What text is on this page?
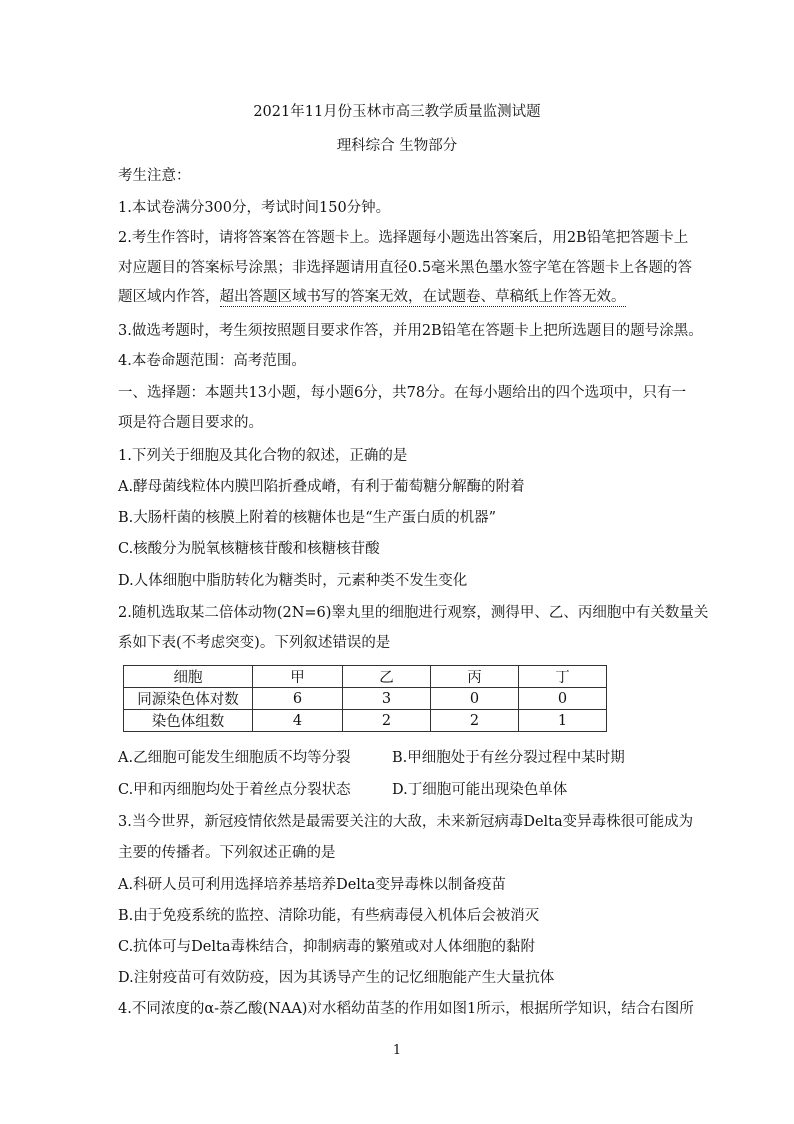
2021年11月份玉林市高三教学质量监测试题
理科综合 生物部分
考生注意：
1.本试卷满分300分，考试时间150分钟。
2.考生作答时，请将答案答在答题卡上。选择题每小题选出答案后，用2B铅笔把答题卡上
对应题目的答案标号涂黑；非选择题请用直径0.5毫米黑色墨水签字笔在答题卡上各题的答
题区域内作答，超出答题区域书写的答案无效，在试题卷、草稿纸上作答无效。
3.做选考题时，考生须按照题目要求作答，并用2B铅笔在答题卡上把所选题目的题号涂黑。
4.本卷命题范围：高考范围。
一、选择题：本题共13小题，每小题6分，共78分。在每小题给出的四个选项中，只有一
项是符合题目要求的。
1.下列关于细胞及其化合物的叙述，正确的是
A.酵母菌线粒体内膜凹陷折叠成嵴，有利于葡萄糖分解酶的附着
B.大肠杆菌的核膜上附着的核糖体也是“生产蛋白质的机器”
C.核酸分为脱氧核糖核苷酸和核糖核苷酸
D.人体细胞中脂肪转化为糖类时，元素种类不发生变化
2.随机选取某二倍体动物(2N=6)睾丸里的细胞进行观察，测得甲、乙、丙细胞中有关数量关
系如下表(不考虑突变)。下列叙述错误的是
细胞	甲	乙	丙	丁
同源染色体对数	6	3	0	0
染色体组数	4	2	2	1
A.乙细胞可能发生细胞质不均等分裂	B.甲细胞处于有丝分裂过程中某时期
C.甲和丙细胞均处于着丝点分裂状态	D.丁细胞可能出现染色单体
3.当今世界，新冠疫情依然是最需要关注的大敌，未来新冠病毒Delta变异毒株很可能成为
主要的传播者。下列叙述正确的是
A.科研人员可利用选择培养基培养Delta变异毒株以制备疫苗
B.由于免疫系统的监控、清除功能，有些病毒侵入机体后会被消灭
C.抗体可与Delta毒株结合，抑制病毒的繁殖或对人体细胞的黏附
D.注射疫苗可有效防疫，因为其诱导产生的记忆细胞能产生大量抗体
4.不同浓度的α-萘乙酸(NAA)对水稻幼苗茎的作用如图1所示，根据所学知识，结合右图所
1
